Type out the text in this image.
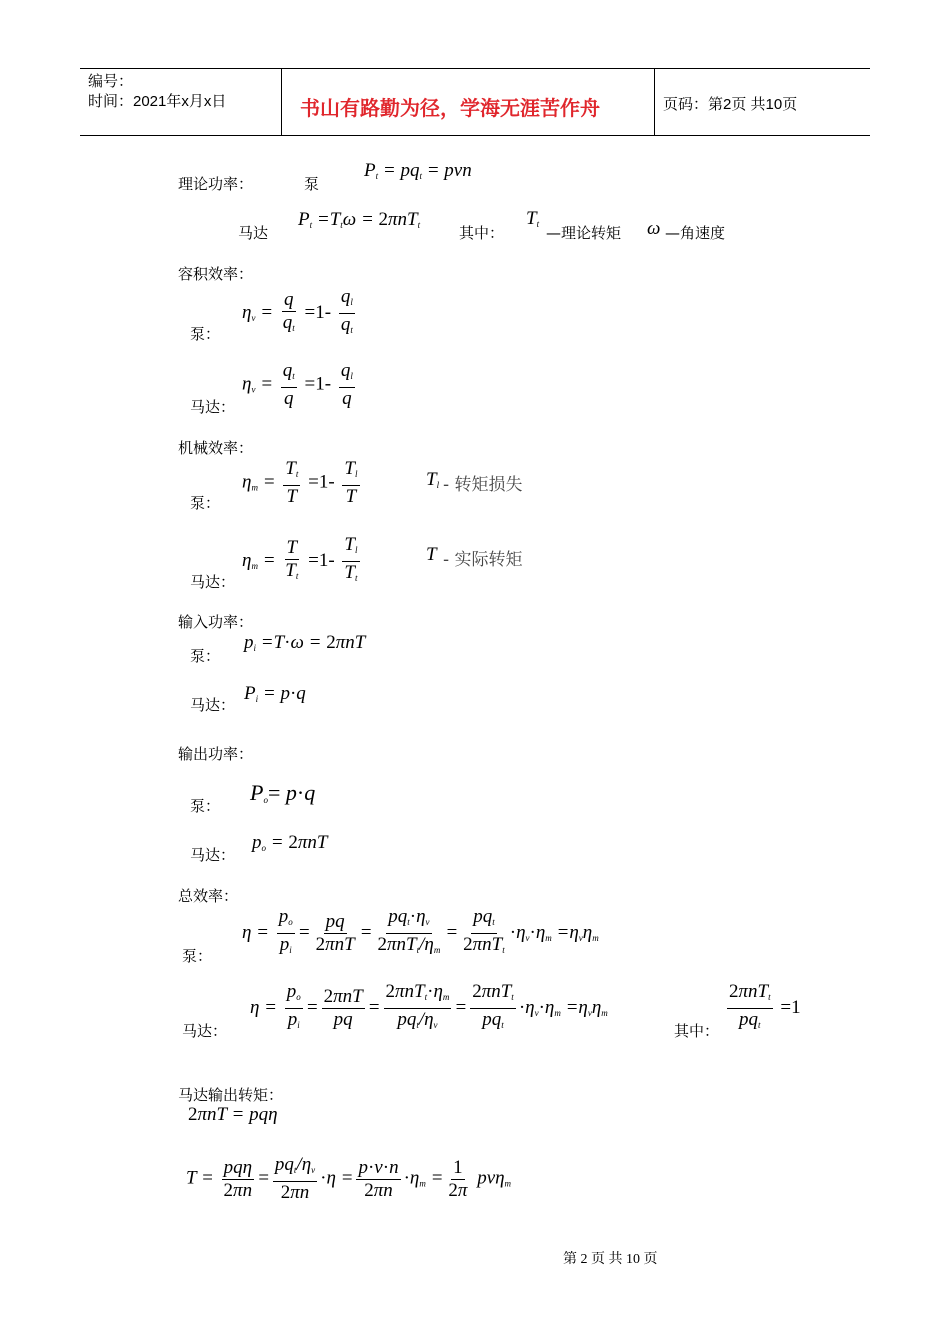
编号：
时间：2021年x月x日	书山有路勤为径，学海无涯苦作舟	页码：第2页 共10页
理论功率：	泵
$P_t = pq_t$ = pvn
马达
$P_t =T_t\omega = 2\pi nT_t$	其中：
$T_t$ —理论转矩 ω —角速度
容积效率：
泵：
$\eta_v = \frac{q}{q_t} =1- \frac{q_l}{q_t}$
马达：
$\eta_v = \frac{q_t}{q} =1- \frac{q_l}{q}$
机械效率：
泵：
$\eta_m = \frac{T_t}{T} =1- \frac{T_l}{T}$	$T_l$ - 转矩损失
马达：
$\eta_m = \frac{T}{T_t} =1- \frac{T_l}{T_t}$	T - 实际转矩
输入功率：
泵：
$p_i =T\cdot\omega = 2\pi nT$
马达：
$P_i = p\cdot q$
输出功率：
泵：
$P_o= p\cdot q$
马达：
$p_o = 2\pi nT$
总效率：
泵：
$\eta = \frac{p_o}{p_i} = \frac{pq}{\text{2πnT}} = \frac{pq_t\cdot\eta_v}{2\pi nT_t/\eta_m} = \frac{pq_t}{2\pi nT_t} \cdot\eta_v\cdot\eta_m =\eta_v\eta_m$
马达：
$\eta = \frac{p_o}{p_i} = \frac{\text{2πnT}}{pq} = \frac{2\pi nT_t\cdot\eta_m}{pq_t/\eta_v} = \frac{2\pi nT_t}{pq_t} \cdot\eta_v\cdot\eta_m =\eta_v\eta_m$
其中： $\frac{2\pi nT_t}{pq_t} =1$
马达输出转矩：
2πnT = pqη
$T = \frac{\text{pqη}}{2\pi n} = \frac{pq_t/\eta_v}{2\pi n} \cdot\eta = \frac{p\cdot v\cdot n}{2\pi n} \cdot\eta_m = \frac{1}{2\pi} pv\eta_m$
第 2 页 共 10 页
